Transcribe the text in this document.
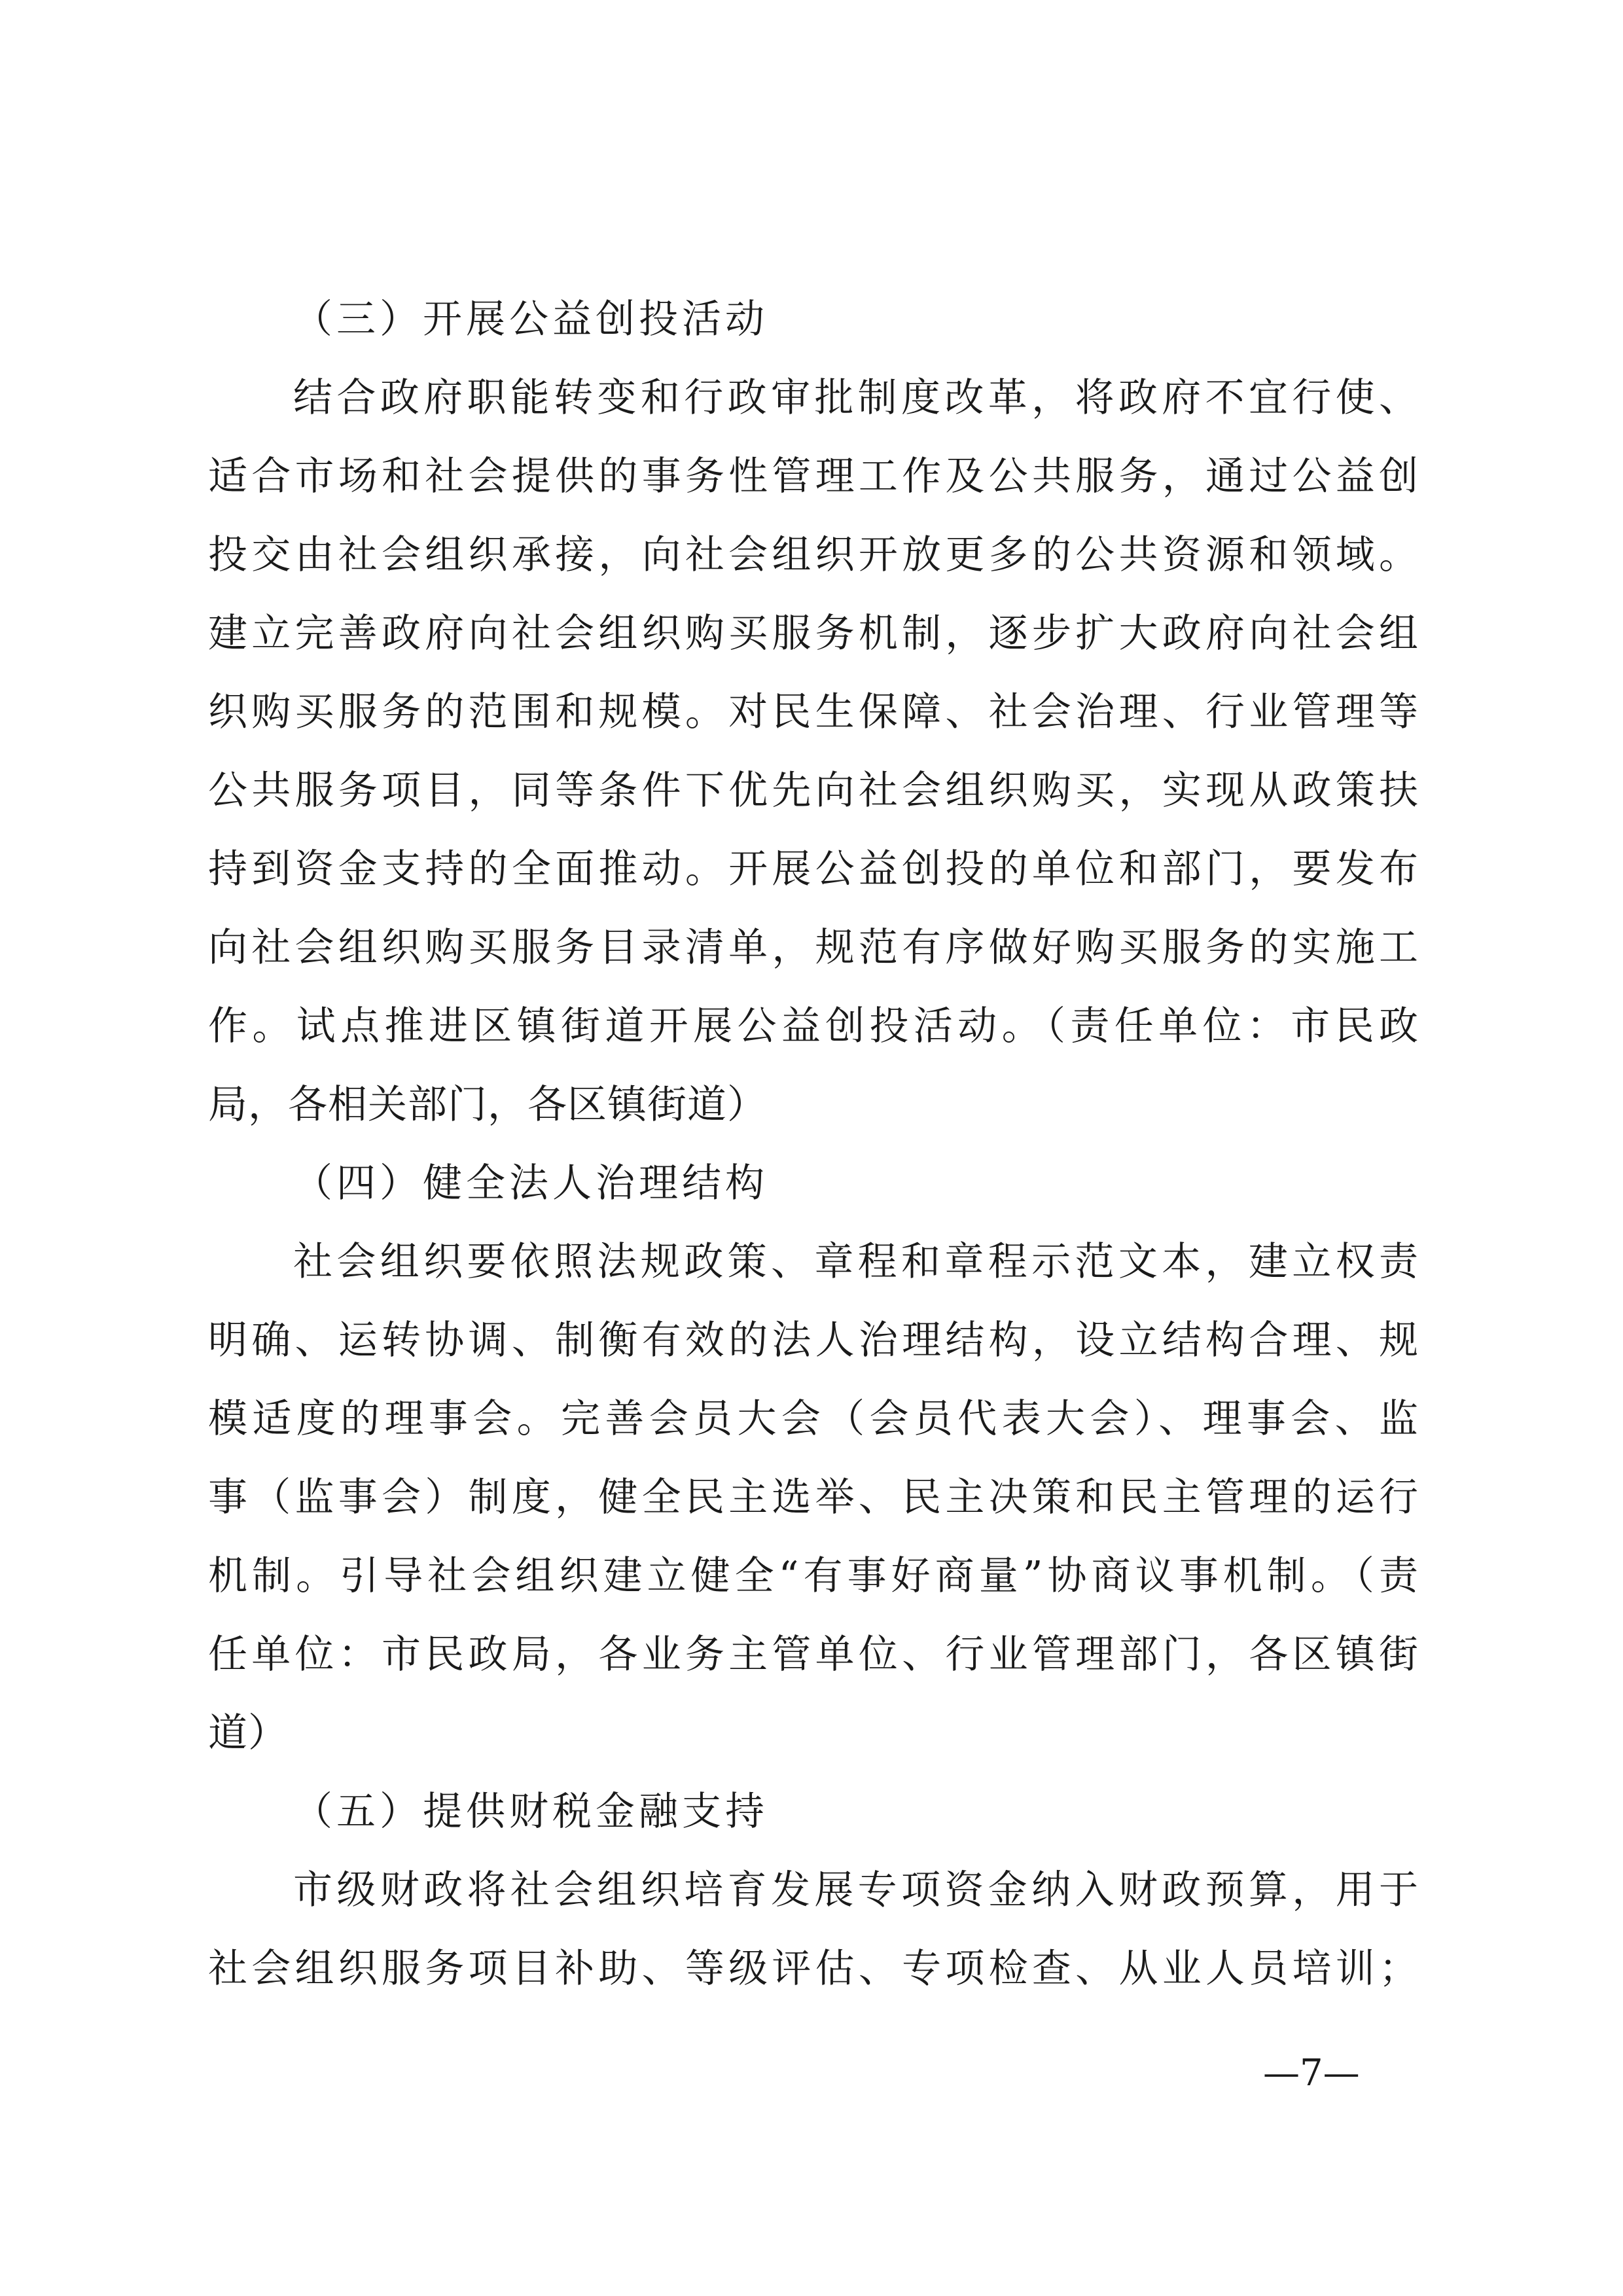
（三）开展公益创投活动
结合政府职能转变和行政审批制度改革，将政府不宜行使、
适合市场和社会提供的事务性管理工作及公共服务，通过公益创
投交由社会组织承接，向社会组织开放更多的公共资源和领域。
建立完善政府向社会组织购买服务机制，逐步扩大政府向社会组
织购买服务的范围和规模。对民生保障、社会治理、行业管理等
公共服务项目，同等条件下优先向社会组织购买，实现从政策扶
持到资金支持的全面推动。开展公益创投的单位和部门，要发布
向社会组织购买服务目录清单，规范有序做好购买服务的实施工
作。试点推进区镇街道开展公益创投活动。（责任单位：市民政
局，各相关部门，各区镇街道）
（四）健全法人治理结构
社会组织要依照法规政策、章程和章程示范文本，建立权责
明确、运转协调、制衡有效的法人治理结构，设立结构合理、规
模适度的理事会。完善会员大会（会员代表大会）、理事会、监
事（监事会）制度，健全民主选举、民主决策和民主管理的运行
机制。引导社会组织建立健全“有事好商量”协商议事机制。（责
任单位：市民政局，各业务主管单位、行业管理部门，各区镇街
道）
（五）提供财税金融支持
市级财政将社会组织培育发展专项资金纳入财政预算，用于
社会组织服务项目补助、等级评估、专项检查、从业人员培训；
—7—
